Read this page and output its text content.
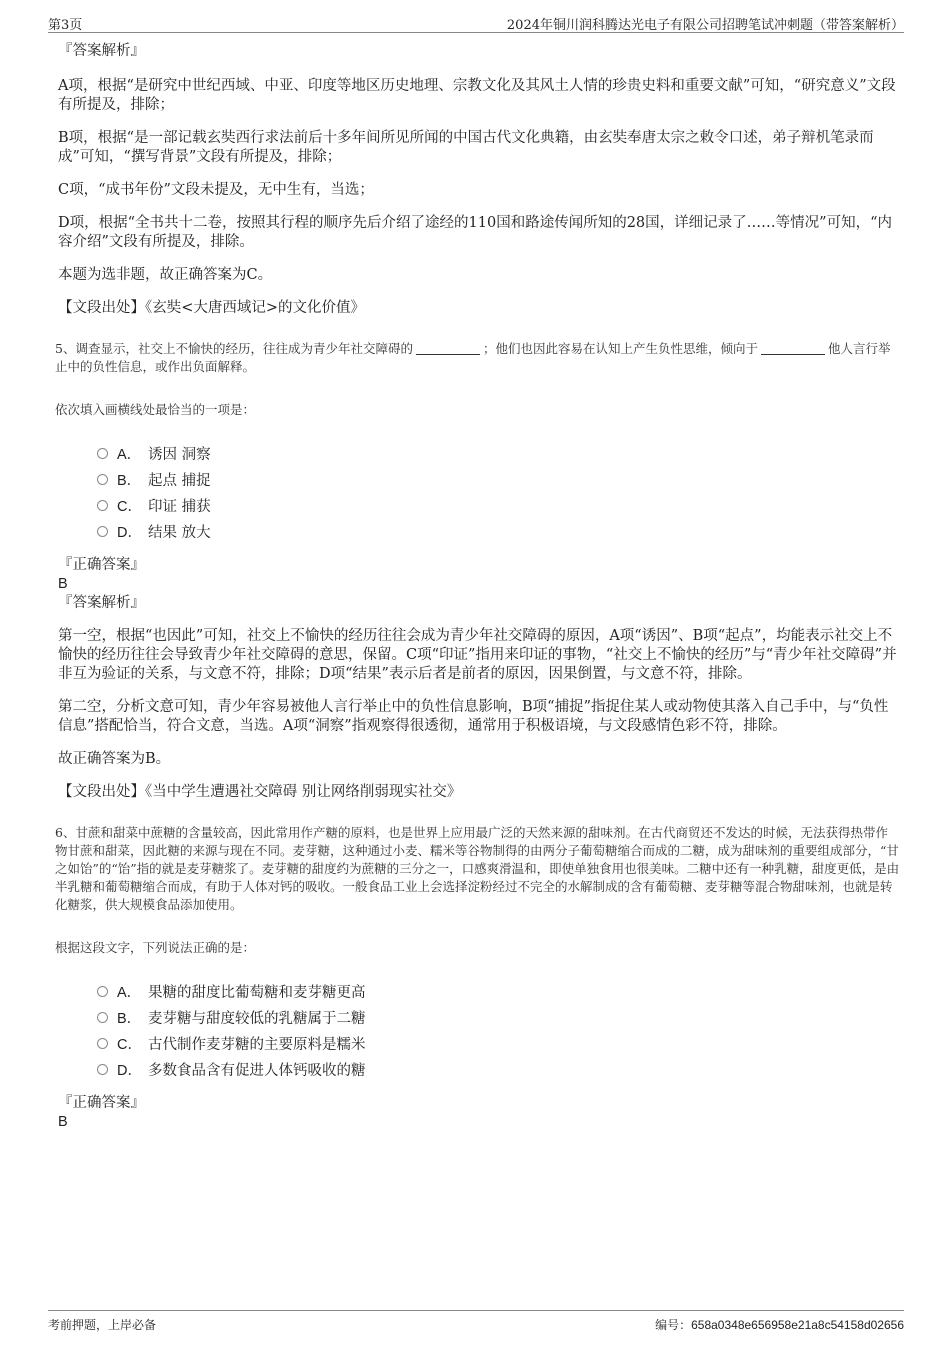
第3页	2024年铜川润科腾达光电子有限公司招聘笔试冲刺题（带答案解析）
『答案解析』

A项，根据“是研究中世纪西域、中亚、印度等地区历史地理、宗教文化及其风土人情的珍贵史料和重要文献”可知，“研究意义”文段有所提及，排除；

B项，根据“是一部记载玄奘西行求法前后十多年间所见所闻的中国古代文化典籍，由玄奘奉唐太宗之敕令口述，弟子辩机笔录而成”可知，“撰写背景”文段有所提及，排除；

C项，“成书年份”文段未提及，无中生有，当选；

D项，根据“全书共十二卷，按照其行程的顺序先后介绍了途经的110国和路途传闻所知的28国，详细记录了……等情况”可知，“内容介绍”文段有所提及，排除。

本题为选非题，故正确答案为C。

【文段出处】《玄奘<大唐西域记>的文化价值》

5、调查显示，社交上不愉快的经历，往往成为青少年社交障碍的	；他们也因此容易在认知上产生负性思维，倾向于	他人言行举止中的负性信息，或作出负面解释。

依次填入画横线处最恰当的一项是：

A． 诱因 洞察
B． 起点 捕捉
C． 印证 捕获
D． 结果 放大
『正确答案』
B
『答案解析』

第一空，根据“也因此”可知，社交上不愉快的经历往往会成为青少年社交障碍的原因，A项“诱因”、B项“起点”，均能表示社交上不愉快的经历往往会导致青少年社交障碍的意思，保留。C项“印证”指用来印证的事物，“社交上不愉快的经历”与“青少年社交障碍”并非互为验证的关系，与文意不符，排除；D项“结果”表示后者是前者的原因，因果倒置，与文意不符，排除。

第二空，分析文意可知，青少年容易被他人言行举止中的负性信息影响，B项“捕捉”指捉住某人或动物使其落入自己手中，与“负性信息”搭配恰当，符合文意，当选。A项“洞察”指观察得很透彻，通常用于积极语境，与文段感情色彩不符，排除。

故正确答案为B。

【文段出处】《当中学生遭遇社交障碍 别让网络削弱现实社交》

6、甘蔗和甜菜中蔗糖的含量较高，因此常用作产糖的原料，也是世界上应用最广泛的天然来源的甜味剂。在古代商贸还不发达的时候，无法获得热带作物甘蔗和甜菜，因此糖的来源与现在不同。麦芽糖，这种通过小麦、糯米等谷物制得的由两分子葡萄糖缩合而成的二糖，成为甜味剂的重要组成部分，“甘之如饴”的“饴”指的就是麦芽糖浆了。麦芽糖的甜度约为蔗糖的三分之一，口感爽滑温和，即使单独食用也很美味。二糖中还有一种乳糖，甜度更低，是由半乳糖和葡萄糖缩合而成，有助于人体对钙的吸收。一般食品工业上会选择淀粉经过不完全的水解制成的含有葡萄糖、麦芽糖等混合物甜味剂，也就是转化糖浆，供大规模食品添加使用。

根据这段文字，下列说法正确的是：

A． 果糖的甜度比葡萄糖和麦芽糖更高
B． 麦芽糖与甜度较低的乳糖属于二糖
C． 古代制作麦芽糖的主要原料是糯米
D． 多数食品含有促进人体钙吸收的糖
『正确答案』
B
考前押题，上岸必备	编号：658a0348e656958e21a8c54158d02656
